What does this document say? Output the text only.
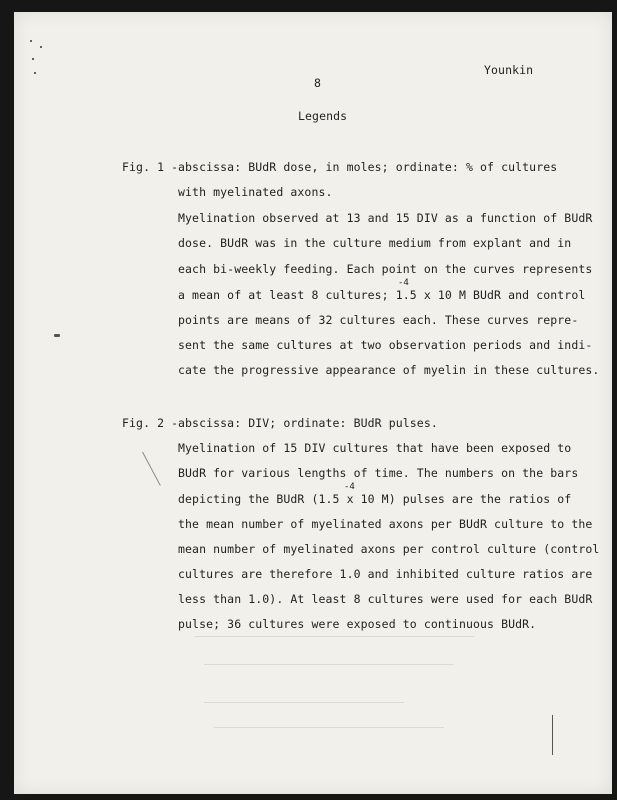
Younkin
8
Legends
Fig. 1 - abscissa: BUdR dose, in moles; ordinate: % of cultures
with myelinated axons.
Myelination observed at 13 and 15 DIV as a function of BUdR
dose. BUdR was in the culture medium from explant and in
each bi-weekly feeding. Each point on the curves represents
a mean of at least 8 cultures; 1.5 x 10 M BUdR and control
-4
points are means of 32 cultures each. These curves repre-
sent the same cultures at two observation periods and indi-
cate the progressive appearance of myelin in these cultures.
Fig. 2 - abscissa: DIV; ordinate: BUdR pulses.
Myelination of 15 DIV cultures that have been exposed to
BUdR for various lengths of time. The numbers on the bars
depicting the BUdR (1.5 x 10 M) pulses are the ratios of
-4
the mean number of myelinated axons per BUdR culture to the
mean number of myelinated axons per control culture (control
cultures are therefore 1.0 and inhibited culture ratios are
less than 1.0). At least 8 cultures were used for each BUdR
pulse; 36 cultures were exposed to continuous BUdR.
